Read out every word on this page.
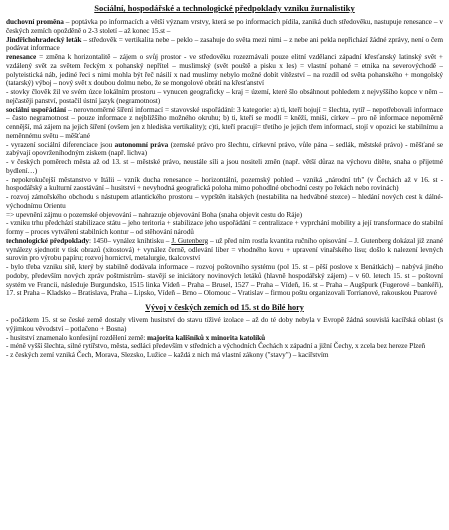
Sociální, hospodářské a technologické předpoklady vzniku žurnalistiky

duchovní proměna – poptávka po informacích a větší význam vrstvy, která se po informacích pídila, zaniká duch středověku, nastupuje renesance – v českých zemích opožděně o 2-3 století – až konec 15.st –
Jindřichohradecký leták – středověk = vertikalita nebe – peklo – zasahuje do světa mezi nimi – z nebe ani pekla nepřichází žádné zprávy, není o čem podávat informace

renesance = změna k horizontalitě – zájem o svůj prostor - ve středověku rozezmávali pouze elitní vzdělanci západní křesťanský latinský svět + vzdálený svět za světem řeckým x pohanský nepřítel – muslimský (svět pouště a pisku x les) = vlastní pohané = etnika na severovýchodě – polyteistická náb, jediné řeci s nimi mohla být řeč násilí x nad muslimy nebylo možné dobít vítězství – na rozdíl od světa pohanského + mongolský (tatarský) výboj – nový svět x doubou dolmu nebo, že se mongolové obrátí na křesťanství

- stovky člověk žil ve svém úzce lokálním prostoru – vynucen geograficky – kraj = území, které šlo obsáhnout pohledem z nejvyššího kopce v něm – nejčastěji panství, postačil ústní jazyk (negramotnost)

sociální uspořádání – nerovnoměrné šíření informací = stavovské uspořádání: 3 kategorie: a) ti, kteří bojují = šlechta, rytíř – nepotřebovali informace – často negramotnost – pouze informace z nejbližšího možného okruhu; b) ti, kteří se modlí = kněží, mniši, církev – pro ně informace nepoměrně cennější, má zájem na jejich šíření (ovšem jen z hlediska vertikality); c)ti, kteří pracují= třetího je jejich třem informací, stojí v opozici ke stabilnímu a neměnnému světu – měšťané

- vyrazení sociální diferenciace jsou autonomní práva (zemské právo pro šlechtu, církevní právo, vůle pána – sedlák, městské právo) - měšťané se zabývají opovrženíhodným ziskem (např. lichva)

- v českých poměrech města až od 13. st – městské právo, neustále síli a jsou nositeli změn (např. větší důraz na výchovu dítěte, snaha o přijetmé bydlení…)

- nepokrokučejší městanstvo v Itálii – vzník ducha renesance – horizontální, pozemský pohled – vzniká „národní trh" (v Čechách až v 16. st - hospodářský a kulturní zaostávání – husitství + nevyhodná geografická poloha mimo pohodlné obchodní cesty po řekách nebo rovinách)

- rozvoj zámořského obchodu s nástupem atlantického prostoru – vyprštěn italských (nestabilita na hedvábné stezce) – hledání nových cest k dálné-východnímu Orientu

=> upevnění zájmu o pozemské objevování – nahrazuje objevování Boha (snaha objevit cestu do Ráje)

- vzniku trhu předchází stabilizace státu – jeho teritoria + stabilizace jeho uspořádání = centralizace + vyprchání mobility a její transformace do stabilní formy – proces vytváření stabilních kontur – od stěhování národů

technologické předpoklady: 1450– vynález knihtisku – J. Gutenberg – už před ním rostla kvantita ručního opisování – J. Gutenberg dokázal již znané vynálezy sjednotit v tisk obrazů (xitostová) + vynález černě, odlevání liber = vhodného kovu + upravení vinařského lisu; došlo k nalezení levných surovin pro výrobu papíru; rozvoj hornictví, metalurgie, tkalcovství

- bylo třeba vzniku sítě, který by stabilně dodávala informace – rozvoj poštovního systému (pol 15. st – pěší poslove x Benátkách) – nabývá jiného podoby, především nových zpráv poštmistrům- stavějí se iniciátory novinových letáků (hlavně hospodářský zájem) – v 60. letech 15. st – poštovní systém ve Francii, následuje Burgundsko, 1515 linka Vídeň – Praha – Brusel, 1527 – Praha – Vídeň, 16. st – Praha – Augšpurk (Fugerové – bankéři), 17. st Praha – Kladsko – Bratislava, Praha – Lipsko, Vídeň – Brno – Olomouc – Vratislav – firmou poštu organizovali Torrianové, rakouskou Puarové

Vývoj v českých zemích od 15. st do Bílé hory

- počátkem 15. st se české země dostaly vlivem husitství do stavu tíživé izolace – až do té doby nebyla v Evropě žádná souvislá kacířská oblast (s výjimkou věvodství – potlačeno + Bosna)

- husitství znamenalo konfesijní rozdělení země: majorita kališníků x minorita katolíků

- méně vyšší šlechta, silné rytířstvo, města, sedláci především v středních a východních Čechách x západní a jižní Čechy, x zcela bez hereze Plzeň

- z českých zemí vzniká Čech, Morava, Slezsko, Lužice – každá z nich má vlastní zákony ("stavy") – kacířstvím
